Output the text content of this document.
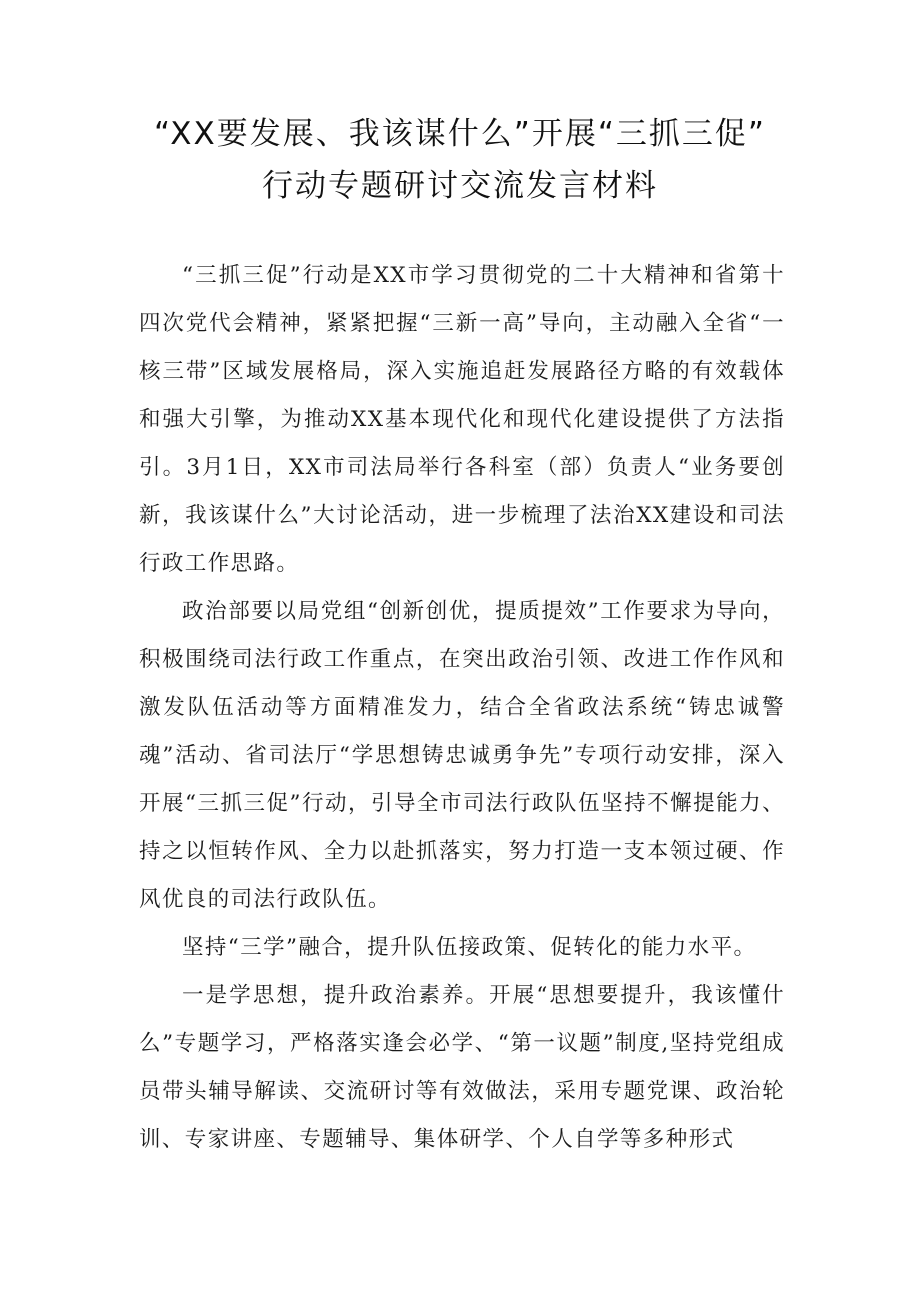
“XX要发展、我该谋什么”开展“三抓三促”
行动专题研讨交流发言材料

“三抓三促”行动是XX市学习贯彻党的二十大精神和省第十四次党代会精神，紧紧把握“三新一高”导向，主动融入全省“一核三带”区域发展格局，深入实施追赶发展路径方略的有效载体和强大引擎，为推动XX基本现代化和现代化建设提供了方法指引。3月1日，XX市司法局举行各科室（部）负责人“业务要创新，我该谋什么”大讨论活动，进一步梳理了法治XX建设和司法行政工作思路。

政治部要以局党组“创新创优，提质提效”工作要求为导向，积极围绕司法行政工作重点，在突出政治引领、改进工作作风和激发队伍活动等方面精准发力，结合全省政法系统“铸忠诚警魂”活动、省司法厅“学思想铸忠诚勇争先”专项行动安排，深入开展“三抓三促”行动，引导全市司法行政队伍坚持不懈提能力、持之以恒转作风、全力以赴抓落实，努力打造一支本领过硬、作风优良的司法行政队伍。

坚持“三学”融合，提升队伍接政策、促转化的能力水平。

一是学思想，提升政治素养。开展“思想要提升，我该懂什么”专题学习，严格落实逢会必学、“第一议题”制度,坚持党组成员带头辅导解读、交流研讨等有效做法，采用专题党课、政治轮训、专家讲座、专题辅导、集体研学、个人自学等多种形式
